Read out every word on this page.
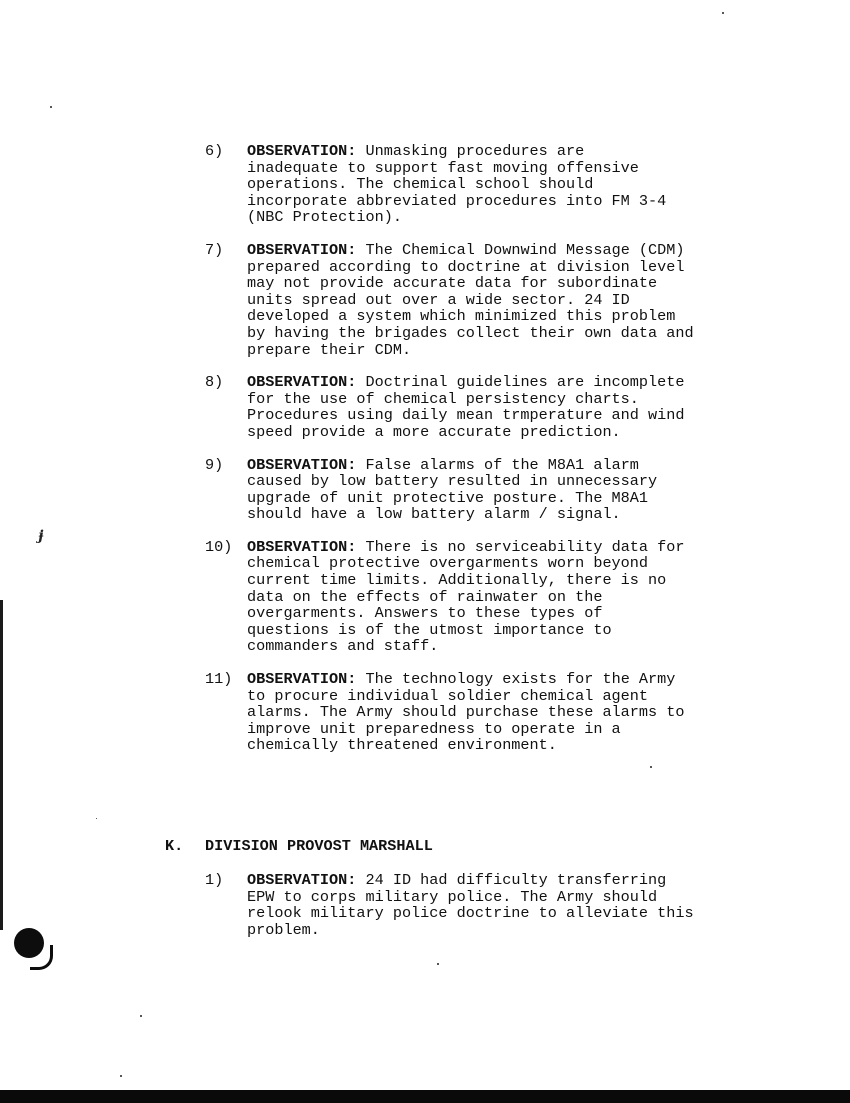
6) OBSERVATION: Unmasking procedures are
inadequate to support fast moving offensive
operations. The chemical school should
incorporate abbreviated procedures into FM 3-4
(NBC Protection).
7) OBSERVATION: The Chemical Downwind Message (CDM)
prepared according to doctrine at division level
may not provide accurate data for subordinate
units spread out over a wide sector. 24 ID
developed a system which minimized this problem
by having the brigades collect their own data and
prepare their CDM.
8) OBSERVATION: Doctrinal guidelines are incomplete
for the use of chemical persistency charts.
Procedures using daily mean trmperature and wind
speed provide a more accurate prediction.
9) OBSERVATION: False alarms of the M8A1 alarm
caused by low battery resulted in unnecessary
upgrade of unit protective posture. The M8A1
should have a low battery alarm / signal.
10) OBSERVATION: There is no serviceability data for
chemical protective overgarments worn beyond
current time limits. Additionally, there is no
data on the effects of rainwater on the
overgarments. Answers to these types of
questions is of the utmost importance to
commanders and staff.
11) OBSERVATION: The technology exists for the Army
to procure individual soldier chemical agent
alarms. The Army should purchase these alarms to
improve unit preparedness to operate in a
chemically threatened environment.
K. DIVISION PROVOST MARSHALL
1) OBSERVATION: 24 ID had difficulty transferring
EPW to corps military police. The Army should
relook military police doctrine to alleviate this
problem.
ɉ
